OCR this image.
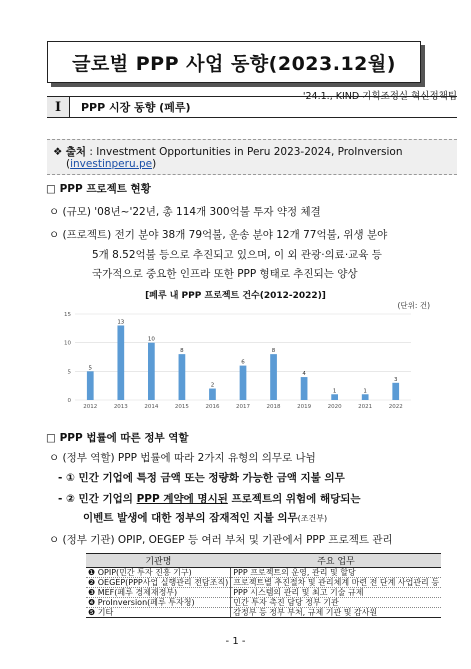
글로벌 PPP 사업 동향(2023.12월)
'24.1., KIND 기획조정실 혁신정책팀
I	PPP 시장 동향 (페루)
❖ 출처 : Investment Opportunities in Peru 2023-2024, ProInversion
(investinperu.pe)
□ PPP 프로젝트 현황
ㅇ (규모) '08년~'22년, 총 114개 300억불 투자 약정 체결
ㅇ (프로젝트) 전기 분야 38개 79억불, 운송 분야 12개 77억불, 위생 분야
5개 8.52억불 등으로 추진되고 있으며, 이 외 관광·의료·교육 등
국가적으로 중요한 인프라 또한 PPP 형태로 추진되는 양상
[페루 내 PPP 프로젝트 건수(2012-2022)]
(단위: 건)
0
5
10
15
5
2012
13
2013
10
2014
8
2015
2
2016
6
2017
8
2018
4
2019
1
2020
1
2021
3
2022
□ PPP 법률에 따른 정부 역할
ㅇ (정부 역할) PPP 법률에 따라 2가지 유형의 의무로 나뉨
- ① 민간 기업에 특정 금액 또는 정량화 가능한 금액 지불 의무
- ② 민간 기업의 PPP 계약에 명시된 프로젝트의 위험에 해당되는
이벤트 발생에 대한 정부의 잠재적인 지불 의무(조건부)
ㅇ (정부 기관) OPIP, OEGEP 등 여러 부처 및 기관에서 PPP 프로젝트 관리
기관명	주요 업무
❶ OPIP(민간 투자 진흥 기구)	PPP 프로젝트의 운영, 관리 및 할당
❷ OEGEP(PPP사업 실행관리 전담조직)	프로젝트별 추진절차 및 관리체계 마련 전 단계 사업관리 등
❸ MEF(페루 경제재정부)	PPP 시스템의 관리 및 최고 기술 규제
❹ ProInversion(페루 투자청)	민간 투자 촉진 담당 정부 기관
❺ 기타	감정부 등 정부 부처, 규제 기관 및 감사원
- 1 -
